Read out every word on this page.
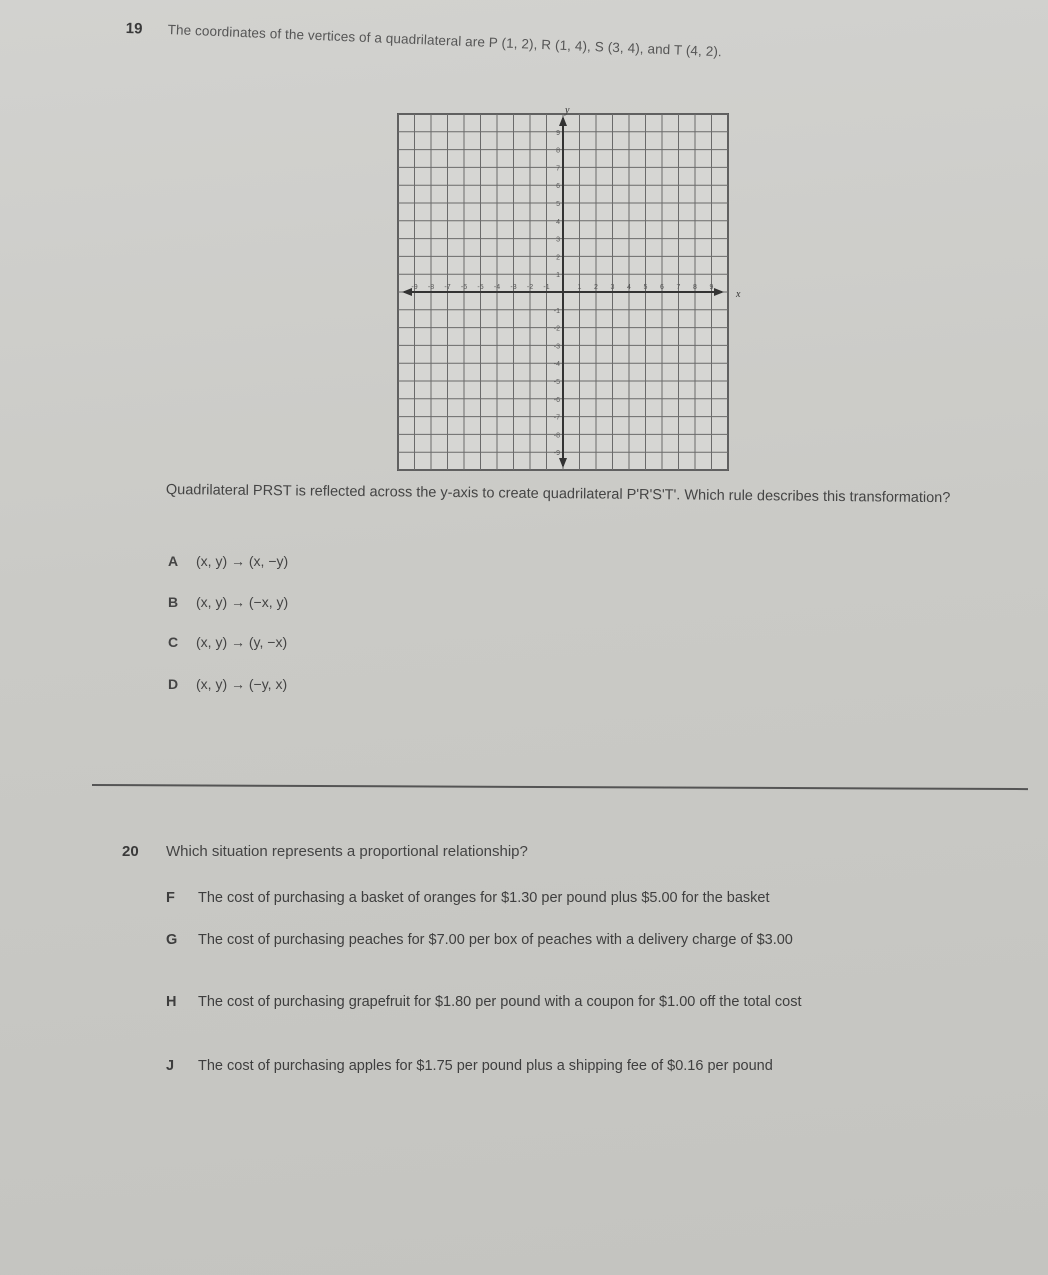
19 The coordinates of the vertices of a quadrilateral are P (1, 2), R (1, 4), S (3, 4), and T (4, 2).
-9 -8 -7 -6 -5 -4 -3 -2 -1	1 2 3 4 5 6 7 8 9
-9
-8
-7
-6
-5
-4
-3
-2
-1
1
2
3
4
5
6
7
8
9
x
y
Quadrilateral PRST is reflected across the y-axis to create quadrilateral P'R'S'T'. Which rule describes this transformation?
A (x, y) → (x, −y)
B (x, y) → (−x, y)
C (x, y) → (y, −x)
D (x, y) → (−y, x)
20 Which situation represents a proportional relationship?
F The cost of purchasing a basket of oranges for $1.30 per pound plus $5.00 for the basket
G The cost of purchasing peaches for $7.00 per box of peaches with a delivery charge of $3.00
H The cost of purchasing grapefruit for $1.80 per pound with a coupon for $1.00 off the total cost
J The cost of purchasing apples for $1.75 per pound plus a shipping fee of $0.16 per pound
